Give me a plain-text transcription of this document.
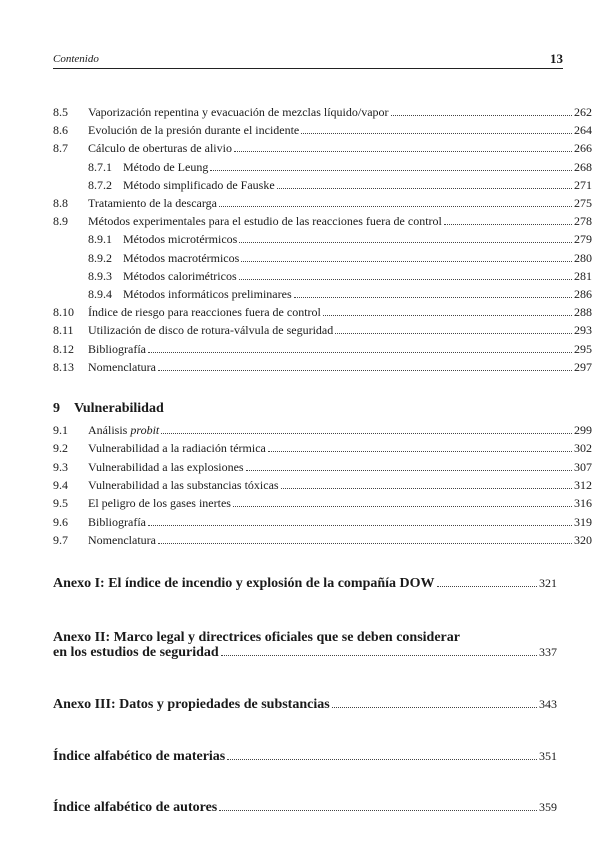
Contenido	13
8.5 Vaporización repentina y evacuación de mezclas líquido/vapor	262
8.6 Evolución de la presión durante el incidente	264
8.7 Cálculo de oberturas de alivio	266
8.7.1 Método de Leung	268
8.7.2 Método simplificado de Fauske	271
8.8 Tratamiento de la descarga	275
8.9 Métodos experimentales para el estudio de las reacciones fuera de control	278
8.9.1 Métodos microtérmicos	279
8.9.2 Métodos macrotérmicos	280
8.9.3 Métodos calorimétricos	281
8.9.4 Métodos informáticos preliminares	286
8.10 Índice de riesgo para reacciones fuera de control	288
8.11 Utilización de disco de rotura-válvula de seguridad	293
8.12 Bibliografía	295
8.13 Nomenclatura	297
9 Vulnerabilidad
9.1 Análisis probit	299
9.2 Vulnerabilidad a la radiación térmica	302
9.3 Vulnerabilidad a las explosiones	307
9.4 Vulnerabilidad a las substancias tóxicas	312
9.5 El peligro de los gases inertes	316
9.6 Bibliografía	319
9.7 Nomenclatura	320
Anexo I: El índice de incendio y explosión de la compañía DOW	321
Anexo II: Marco legal y directrices oficiales que se deben considerar
en los estudios de seguridad	337
Anexo III: Datos y propiedades de substancias	343
Índice alfabético de materias	351
Índice alfabético de autores	359
